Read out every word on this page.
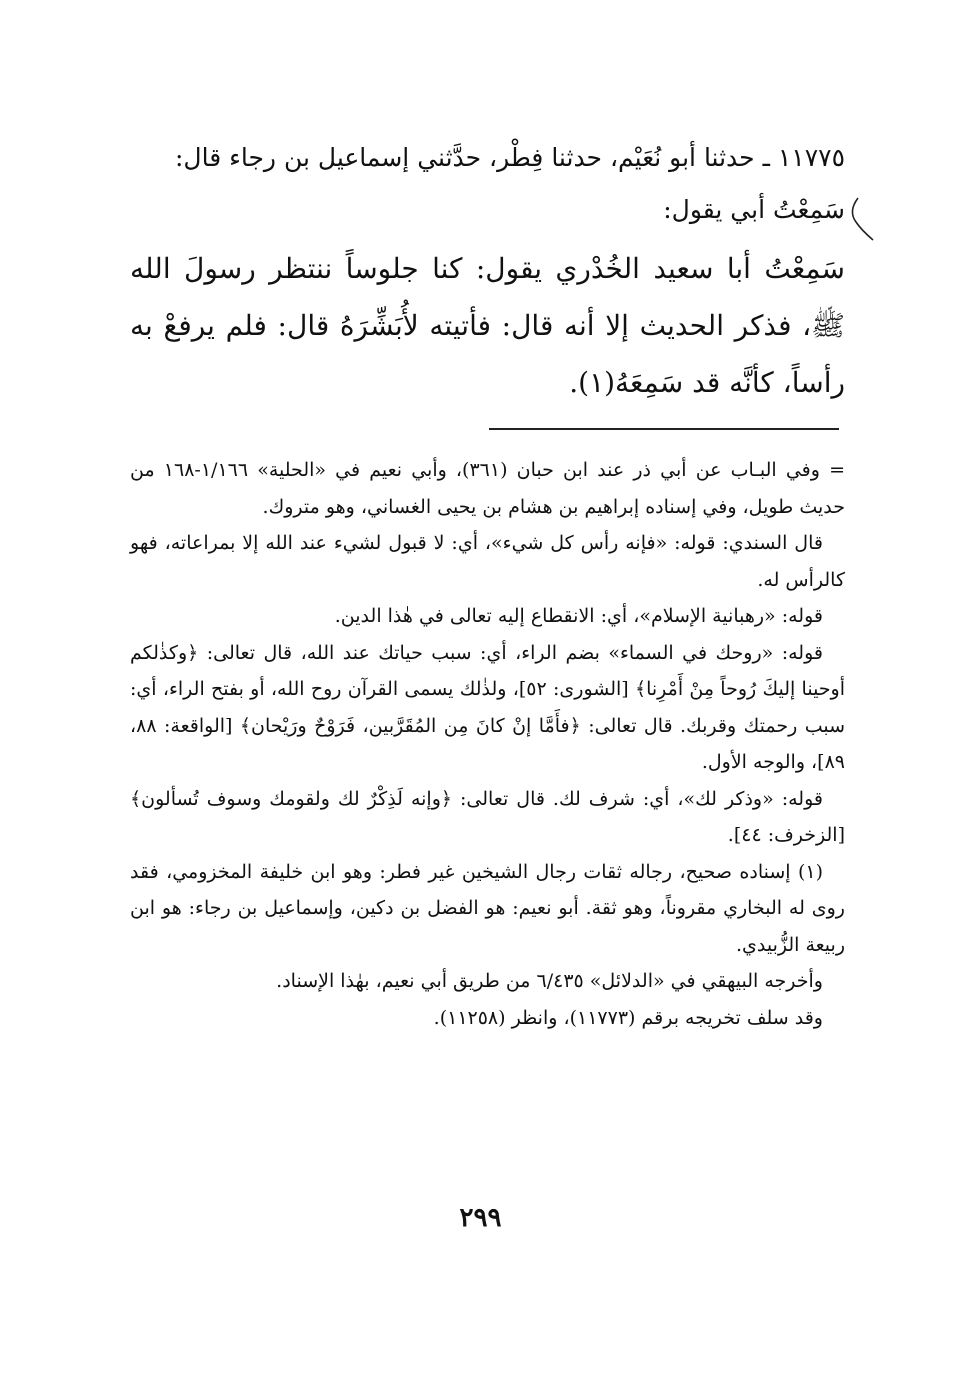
١١٧٧٥ ـ حدثنا أبو نُعَيْم، حدثنا فِطْر، حدَّثني إسماعيل بن رجاء قال:

سَمِعْتُ أبي يقول:

سَمِعْتُ أبا سعيد الخُدْري يقول: كنا جلوساً ننتظر رسولَ الله ﷺ، فذكر الحديث إلا أنه قال: فأتيته لأُبَشِّرَهُ قال: فلم يرفعْ به رأساً، كأنَّه قد سَمِعَهُ(١).

= وفي البـاب عن أبي ذر عند ابن حبان (٣٦١)، وأبي نعيم في «الحلية» ١/١٦٦-١٦٨ من حديث طويل، وفي إسناده إبراهيم بن هشام بن يحيى الغساني، وهو متروك.

قال السندي: قوله: «فإنه رأس كل شيء»، أي: لا قبول لشيء عند الله إلا بمراعاته، فهو كالرأس له.

قوله: «رهبانية الإسلام»، أي: الانقطاع إليه تعالى في هٰذا الدين.

قوله: «روحك في السماء» بضم الراء، أي: سبب حياتك عند الله، قال تعالى: ﴿وكذٰلكم أوحينا إليكَ رُوحاً مِنْ أَمْرِنا﴾ [الشورى: ٥٢]، ولذٰلك يسمى القرآن روح الله، أو بفتح الراء، أي: سبب رحمتك وقربك. قال تعالى: ﴿فأَمَّا إنْ كانَ مِن المُقَرَّبين، فَرَوْحٌ ورَيْحان﴾ [الواقعة: ٨٨، ٨٩]، والوجه الأول.

قوله: «وذكر لك»، أي: شرف لك. قال تعالى: ﴿وإنه لَذِكْرٌ لك ولقومك وسوف تُسألون﴾ [الزخرف: ٤٤].

(١) إسناده صحيح، رجاله ثقات رجال الشيخين غير فطر: وهو ابن خليفة المخزومي، فقد روى له البخاري مقروناً، وهو ثقة. أبو نعيم: هو الفضل بن دكين، وإسماعيل بن رجاء: هو ابن ربيعة الزُّبيدي.

وأخرجه البيهقي في «الدلائل» ٦/٤٣٥ من طريق أبي نعيم، بهٰذا الإسناد.

وقد سلف تخريجه برقم (١١٧٧٣)، وانظر (١١٢٥٨).

٢٩٩
